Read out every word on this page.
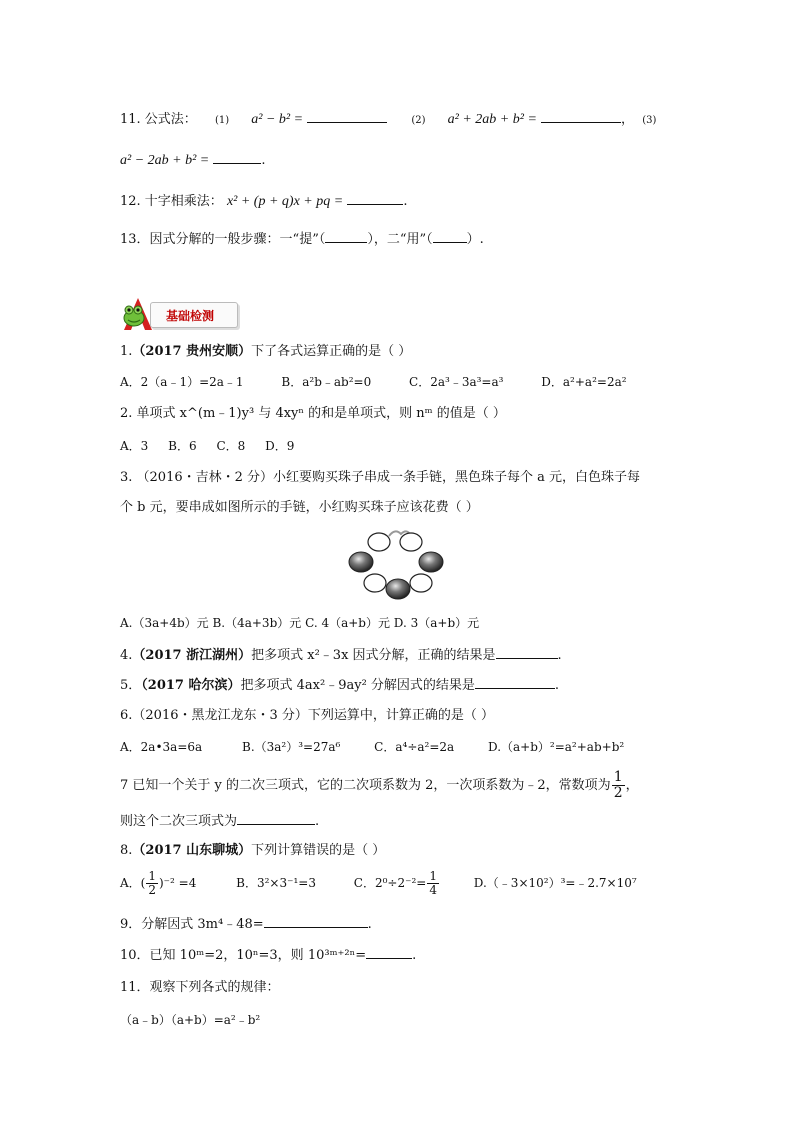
11. 公式法： (1) a² − b² =	(2) a² + 2ab + b² =	， (3)
a² − 2ab + b² =	.
12. 十字相乘法： x² + (p + q)x + pq =	.
13．因式分解的一般步骤：一“提”（	），二“用”（	）.
基础检测
1.（2017 贵州安顺）下了各式运算正确的是（ ）
A．2（a﹣1）=2a﹣1	B．a²b﹣ab²=0	C．2a³﹣3a³=a³	D．a²+a²=2a²
2. 单项式 x^(m﹣1)y³ 与 4xyⁿ 的和是单项式，则 nᵐ 的值是（ ）
A．3 B．6 C．8 D．9
3. （2016・吉林・2 分）小红要购买珠子串成一条手链，黑色珠子每个 a 元，白色珠子每
个 b 元，要串成如图所示的手链，小红购买珠子应该花费（ ）
A.（3a+4b）元 B.（4a+3b）元 C. 4（a+b）元 D. 3（a+b）元
4.（2017 浙江湖州）把多项式 x²﹣3x 因式分解，正确的结果是	.
5．（2017 哈尔滨）把多项式 4ax²﹣9ay² 分解因式的结果是	.
6.（2016・黑龙江龙东・3 分）下列运算中，计算正确的是（ ）
A．2a•3a=6a	B.（3a²）³=27a⁶	C．a⁴÷a²=2a	D.（a+b）²=a²+ab+b²
7 已知一个关于 y 的二次三项式，它的二次项系数为 2，一次项系数为﹣2，常数项为 $\frac{1}{2}$ ，
则这个二次三项式为	.
8.（2017 山东聊城）下列计算错误的是（ ）
A．( $\frac{1}{2} )^{-2} =4$	B．3²×3⁻¹=3	C．$2^0\div 2^{-2}= \frac{1}{4}$	D.（﹣3×10²）³=﹣2.7×10⁷
9．分解因式 3m⁴﹣48=	.
10．已知 10ᵐ=2，10ⁿ=3，则 10³ᵐ⁺²ⁿ=	.
11．观察下列各式的规律：
（a﹣b）（a+b）=a²﹣b²
